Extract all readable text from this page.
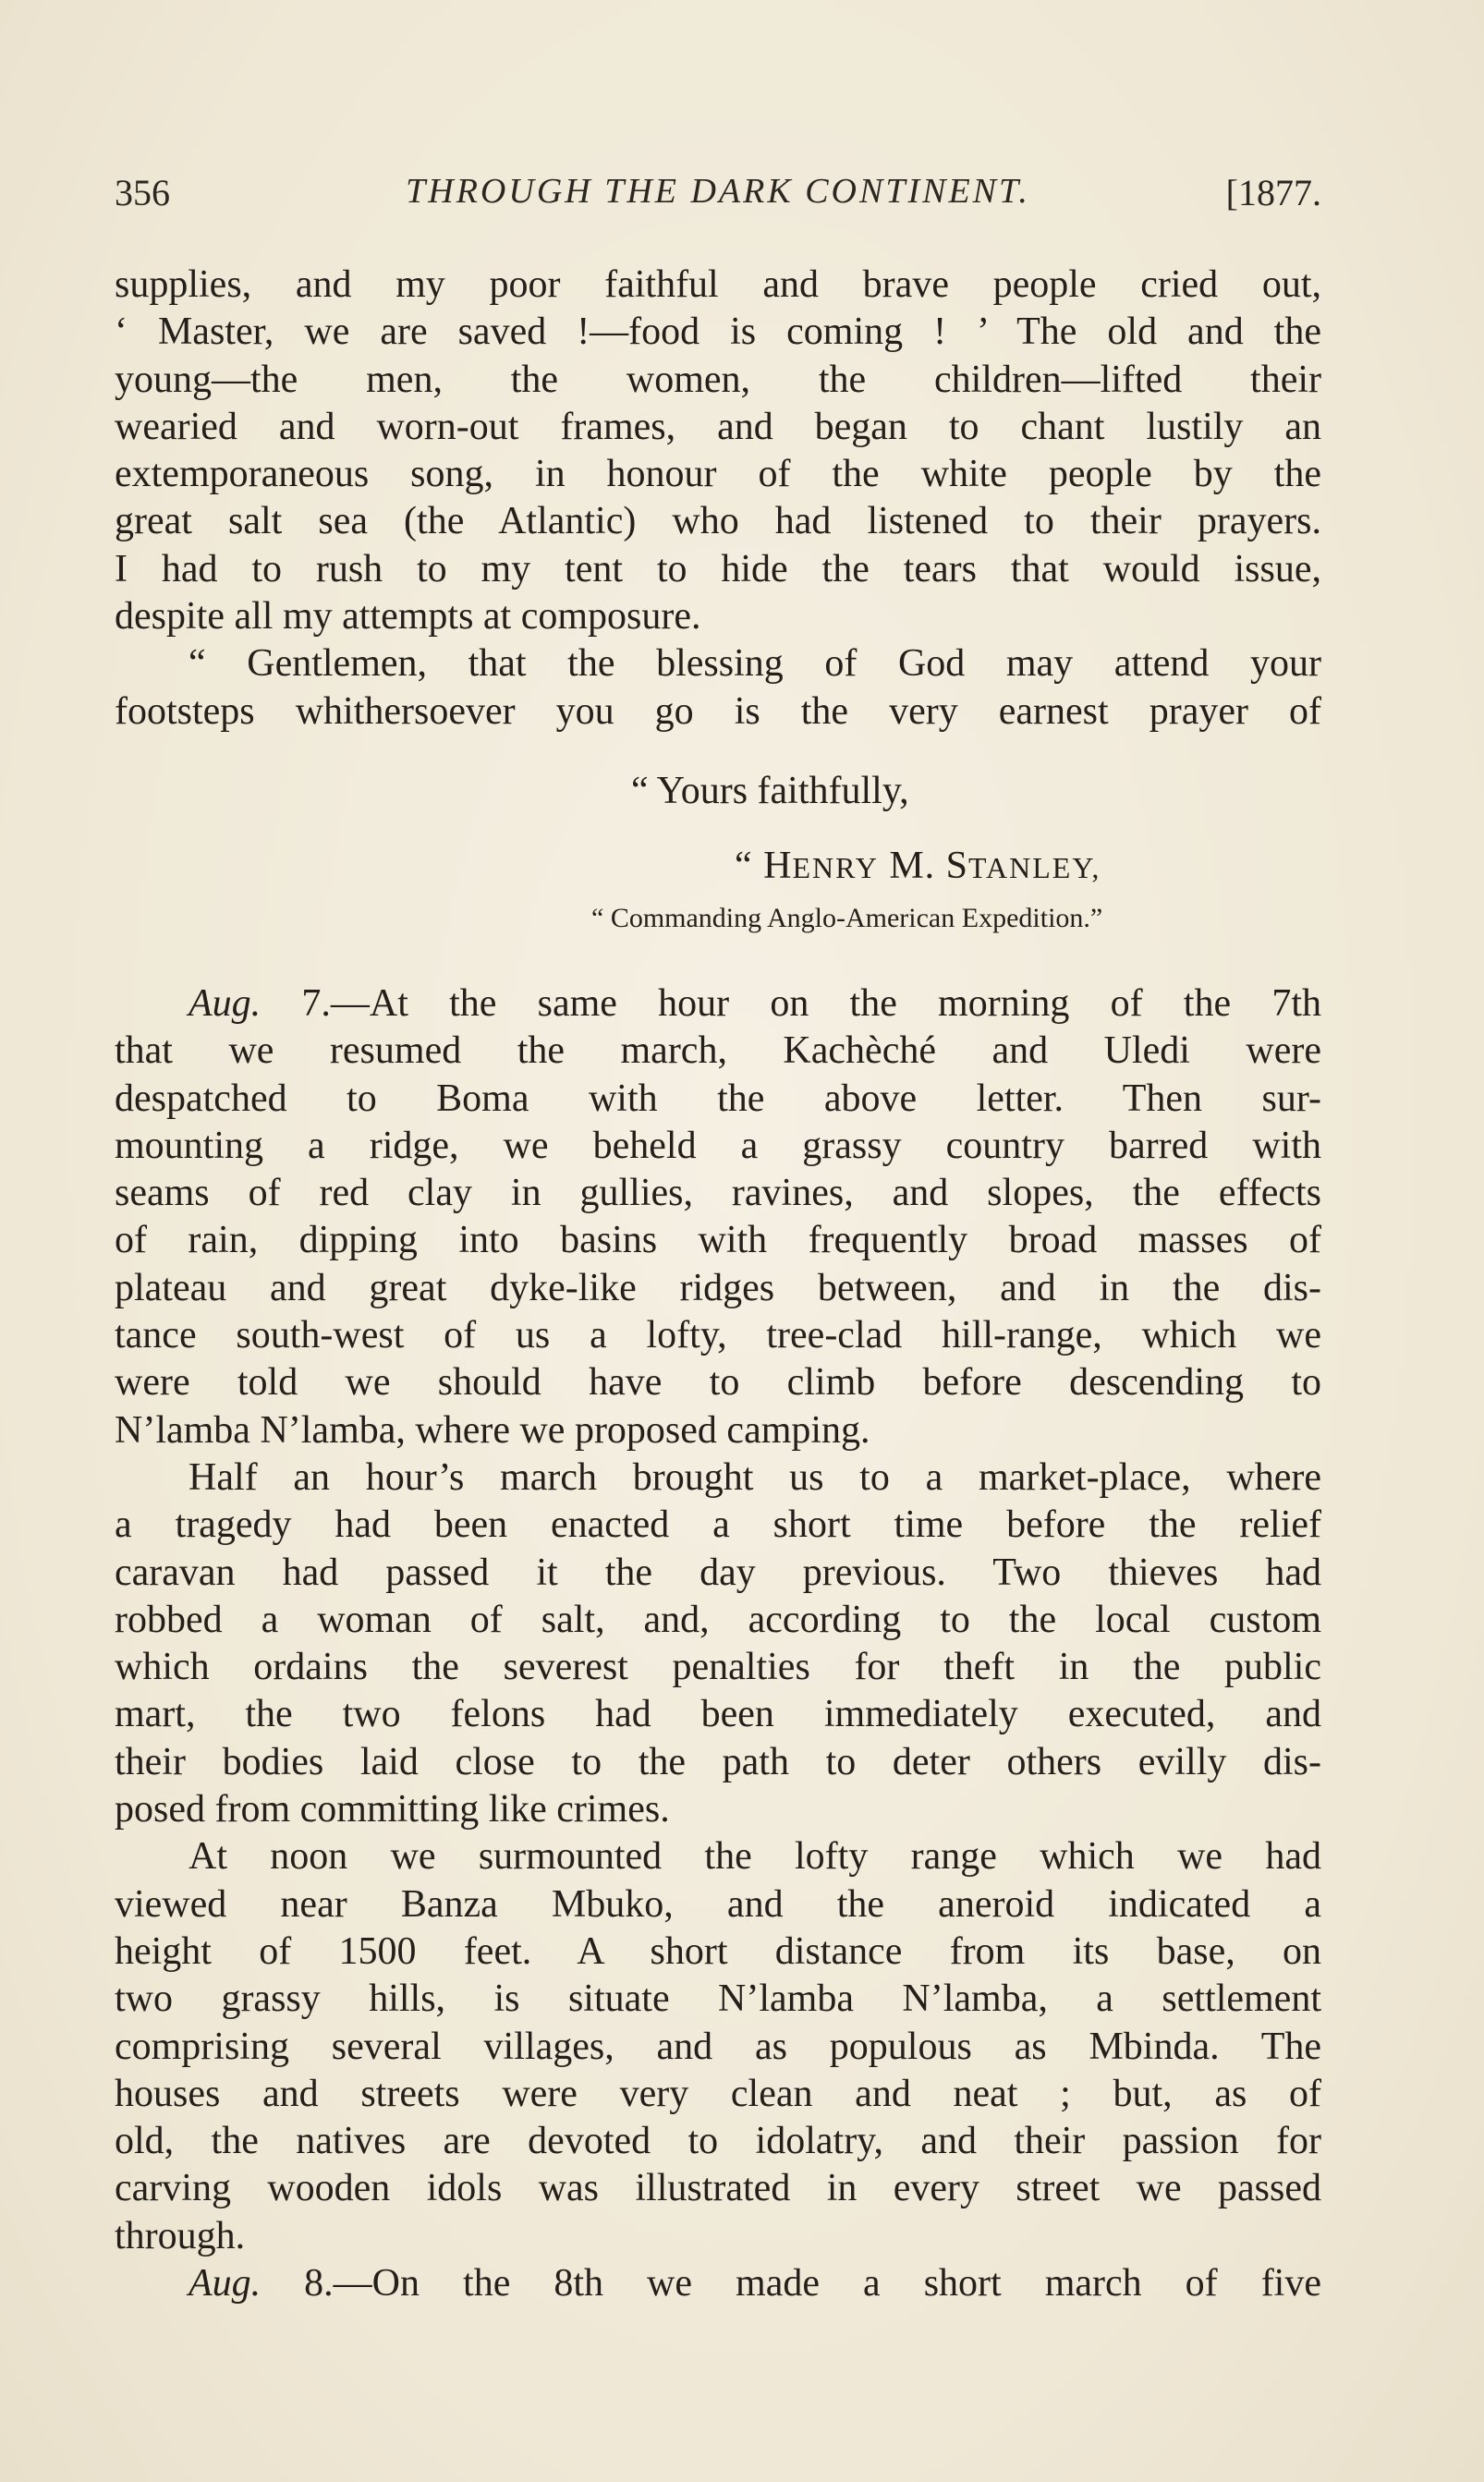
356	THROUGH THE DARK CONTINENT.	[1877.
supplies, and my poor faithful and brave people cried out,
‘ Master, we are saved !—food is coming ! ’ The old and the
young—the men, the women, the children—lifted their
wearied and worn-out frames, and began to chant lustily an
extemporaneous song, in honour of the white people by the
great salt sea (the Atlantic) who had listened to their prayers.
I had to rush to my tent to hide the tears that would issue,
despite all my attempts at composure.
“ Gentlemen, that the blessing of God may attend your
footsteps whithersoever you go is the very earnest prayer of
“ Yours faithfully,
“ HENRY M. STANLEY,
“ Commanding Anglo-American Expedition.”
Aug. 7.—At the same hour on the morning of the 7th
that we resumed the march, Kachèché and Uledi were
despatched to Boma with the above letter. Then sur-
mounting a ridge, we beheld a grassy country barred with
seams of red clay in gullies, ravines, and slopes, the effects
of rain, dipping into basins with frequently broad masses of
plateau and great dyke-like ridges between, and in the dis-
tance south-west of us a lofty, tree-clad hill-range, which we
were told we should have to climb before descending to
N’lamba N’lamba, where we proposed camping.
Half an hour’s march brought us to a market-place, where
a tragedy had been enacted a short time before the relief
caravan had passed it the day previous. Two thieves had
robbed a woman of salt, and, according to the local custom
which ordains the severest penalties for theft in the public
mart, the two felons had been immediately executed, and
their bodies laid close to the path to deter others evilly dis-
posed from committing like crimes.
At noon we surmounted the lofty range which we had
viewed near Banza Mbuko, and the aneroid indicated a
height of 1500 feet. A short distance from its base, on
two grassy hills, is situate N’lamba N’lamba, a settlement
comprising several villages, and as populous as Mbinda. The
houses and streets were very clean and neat ; but, as of
old, the natives are devoted to idolatry, and their passion for
carving wooden idols was illustrated in every street we passed
through.
Aug. 8.—On the 8th we made a short march of five
